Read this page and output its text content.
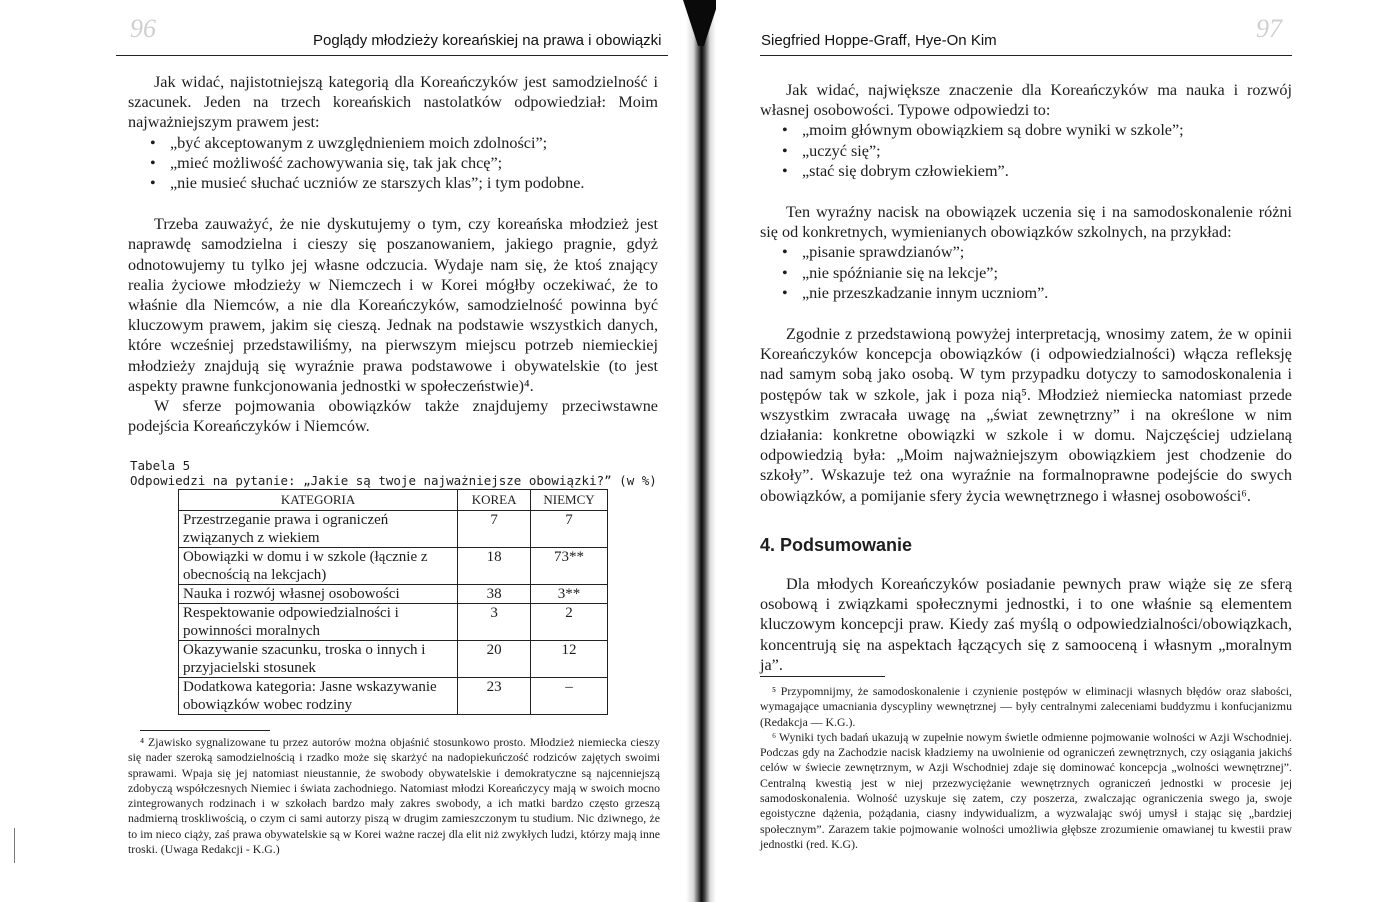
96	Poglądy młodzieży koreańskiej na prawa i obowiązki

Jak widać, najistotniejszą kategorią dla Koreańczyków jest samodzielność i szacunek. Jeden na trzech koreańskich nastolatków odpowiedział: Moim najważniejszym prawem jest:

• „być akceptowanym z uwzględnieniem moich zdolności”;
• „mieć możliwość zachowywania się, tak jak chcę”;
• „nie musieć słuchać uczniów ze starszych klas”; i tym podobne.

Trzeba zauważyć, że nie dyskutujemy o tym, czy koreańska młodzież jest naprawdę samodzielna i cieszy się poszanowaniem, jakiego pragnie, gdyż odnotowujemy tu tylko jej własne odczucia. Wydaje nam się, że ktoś znający realia życiowe młodzieży w Niemczech i w Korei mógłby oczekiwać, że to właśnie dla Niemców, a nie dla Koreańczyków, samodzielność powinna być kluczowym prawem, jakim się cieszą. Jednak na podstawie wszystkich danych, które wcześniej przedstawiliśmy, na pierwszym miejscu potrzeb niemieckiej młodzieży znajdują się wyraźnie prawa podstawowe i obywatelskie (to jest aspekty prawne funkcjonowania jednostki w społeczeństwie)⁴.

W sferze pojmowania obowiązków także znajdujemy przeciwstawne podejścia Koreańczyków i Niemców.

Tabela 5
Odpowiedzi na pytanie: „Jakie są twoje najważniejsze obowiązki?” (w %)
KATEGORIA	KOREA	NIEMCY
Przestrzeganie prawa i ograniczeń związanych z wiekiem	7	7
Obowiązki w domu i w szkole (łącznie z obecnością na lekcjach)	18	73**
Nauka i rozwój własnej osobowości	38	3**
Respektowanie odpowiedzialności i powinności moralnych	3	2
Okazywanie szacunku, troska o innych i przyjacielski stosunek	20	12
Dodatkowa kategoria: Jasne wskazywanie obowiązków wobec rodziny	23	–

⁴ Zjawisko sygnalizowane tu przez autorów można objaśnić stosunkowo prosto. Młodzież niemiecka cieszy się nader szeroką samodzielnością i rzadko może się skarżyć na nadopiekuńczość rodziców zajętych swoimi sprawami. Wpaja się jej natomiast nieustannie, że swobody obywatelskie i demokratyczne są najcenniejszą zdobyczą współczesnych Niemiec i świata zachodniego. Natomiast młodzi Koreańczycy mają w swoich mocno zintegrowanych rodzinach i w szkołach bardzo mały zakres swobody, a ich matki bardzo często grzeszą nadmierną troskliwością, o czym ci sami autorzy piszą w drugim zamieszczonym tu studium. Nic dziwnego, że to im nieco ciąży, zaś prawa obywatelskie są w Korei ważne raczej dla elit niż zwykłych ludzi, którzy mają inne troski. (Uwaga Redakcji - K.G.)

Siegfried Hoppe-Graff, Hye-On Kim	97

Jak widać, największe znaczenie dla Koreańczyków ma nauka i rozwój własnej osobowości. Typowe odpowiedzi to:

• „moim głównym obowiązkiem są dobre wyniki w szkole”;
• „uczyć się”;
• „stać się dobrym człowiekiem”.

Ten wyraźny nacisk na obowiązek uczenia się i na samodoskonalenie różni się od konkretnych, wymienianych obowiązków szkolnych, na przykład:

• „pisanie sprawdzianów”;
• „nie spóźnianie się na lekcje”;
• „nie przeszkadzanie innym uczniom”.

Zgodnie z przedstawioną powyżej interpretacją, wnosimy zatem, że w opinii Koreańczyków koncepcja obowiązków (i odpowiedzialności) włącza refleksję nad samym sobą jako osobą. W tym przypadku dotyczy to samodoskonalenia i postępów tak w szkole, jak i poza nią⁵. Młodzież niemiecka natomiast przede wszystkim zwracała uwagę na „świat zewnętrzny” i na określone w nim działania: konkretne obowiązki w szkole i w domu. Najczęściej udzielaną odpowiedzią była: „Moim najważniejszym obowiązkiem jest chodzenie do szkoły”. Wskazuje też ona wyraźnie na formalnoprawne podejście do swych obowiązków, a pomijanie sfery życia wewnętrznego i własnej osobowości⁶.

4. Podsumowanie

Dla młodych Koreańczyków posiadanie pewnych praw wiąże się ze sferą osobową i związkami społecznymi jednostki, i to one właśnie są elementem kluczowym koncepcji praw. Kiedy zaś myślą o odpowiedzialności/obowiązkach, koncentrują się na aspektach łączących się z samooceną i własnym „moralnym ja”.

⁵ Przypomnijmy, że samodoskonalenie i czynienie postępów w eliminacji własnych błędów oraz słabości, wymagające umacniania dyscypliny wewnętrznej — były centralnymi zaleceniami buddyzmu i konfucjanizmu (Redakcja — K.G.).

⁶ Wyniki tych badań ukazują w zupełnie nowym świetle odmienne pojmowanie wolności w Azji Wschodniej. Podczas gdy na Zachodzie nacisk kładziemy na uwolnienie od ograniczeń zewnętrznych, czy osiągania jakichś celów w świecie zewnętrznym, w Azji Wschodniej zdaje się dominować koncepcja „wolności wewnętrznej”. Centralną kwestią jest w niej przezwyciężanie wewnętrznych ograniczeń jednostki w procesie jej samodoskonalenia. Wolność uzyskuje się zatem, czy poszerza, zwalczając ograniczenia swego ja, swoje egoistyczne dążenia, pożądania, ciasny indywidualizm, a wyzwalając swój umysł i stając się „bardziej społecznym”. Zarazem takie pojmowanie wolności umożliwia głębsze zrozumienie omawianej tu kwestii praw jednostki (red. K.G).
